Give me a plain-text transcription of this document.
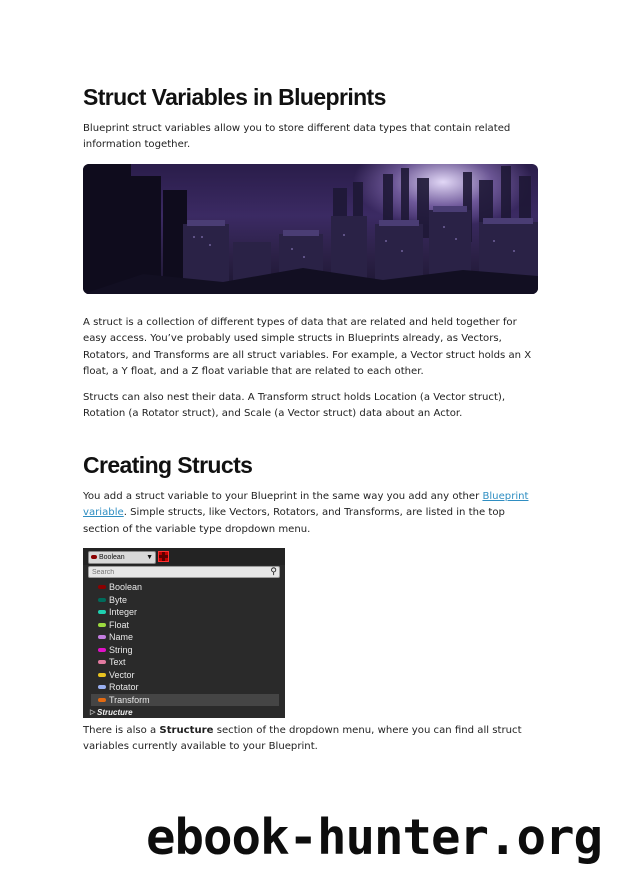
Struct Variables in Blueprints

Blueprint struct variables allow you to store different data types that contain related information together.

A struct is a collection of different types of data that are related and held together for easy access. You’ve probably used simple structs in Blueprints already, as Vectors, Rotators, and Transforms are all struct variables. For example, a Vector struct holds an X float, a Y float, and a Z float variable that are related to each other.

Structs can also nest their data. A Transform struct holds Location (a Vector struct), Rotation (a Rotator struct), and Scale (a Vector struct) data about an Actor.

Creating Structs

You add a struct variable to your Blueprint in the same way you add any other Blueprint variable. Simple structs, like Vectors, Rotators, and Transforms, are listed in the top section of the variable type dropdown menu.

Boolean	▼
Search
⚲
Boolean
Byte
Integer
Float
Name
String
Text
Vector
Rotator
Transform
▷ Structure

There is also a Structure section of the dropdown menu, where you can find all struct variables currently available to your Blueprint.

ebook-hunter.org
